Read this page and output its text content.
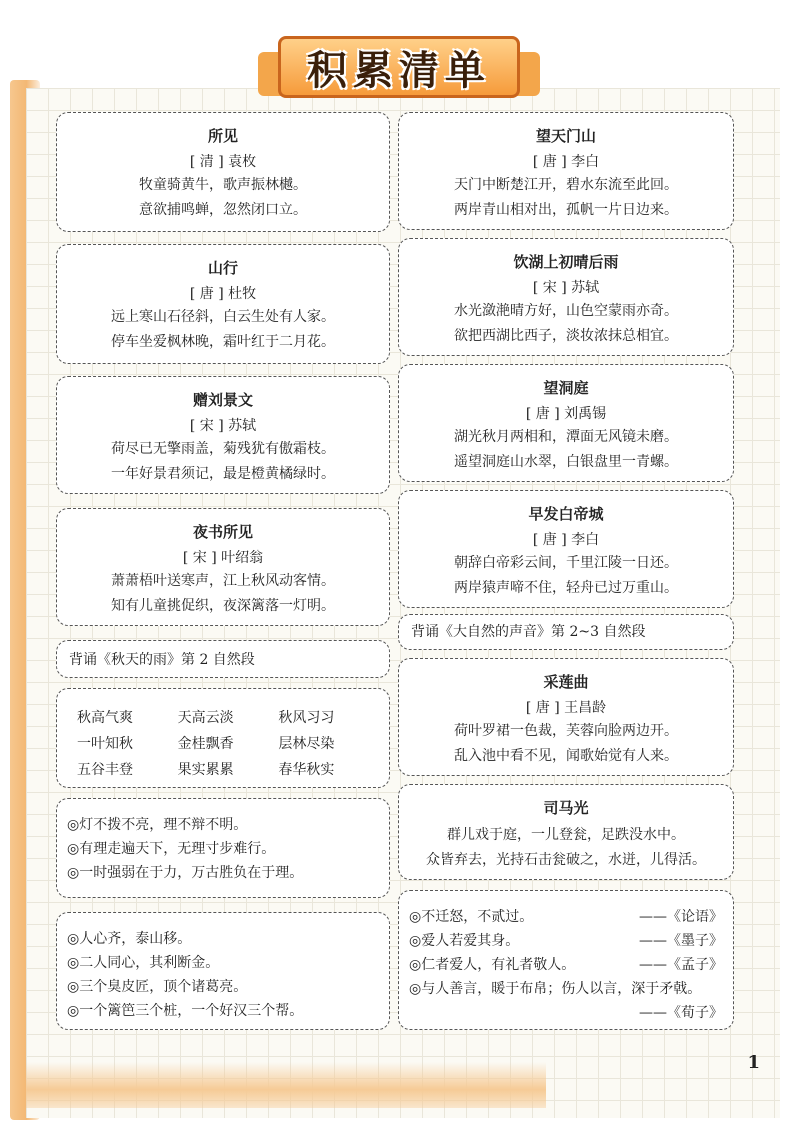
积累清单
所见
[ 清 ] 袁枚
牧童骑黄牛，歌声振林樾。
意欲捕鸣蝉，忽然闭口立。
山行
[ 唐 ] 杜牧
远上寒山石径斜，白云生处有人家。
停车坐爱枫林晚，霜叶红于二月花。
赠刘景文
[ 宋 ] 苏轼
荷尽已无擎雨盖，菊残犹有傲霜枝。
一年好景君须记，最是橙黄橘绿时。
夜书所见
[ 宋 ] 叶绍翁
萧萧梧叶送寒声，江上秋风动客情。
知有儿童挑促织，夜深篱落一灯明。
背诵《秋天的雨》第 2 自然段
秋高气爽	天高云淡	秋风习习
一叶知秋	金桂飘香	层林尽染
五谷丰登	果实累累	春华秋实
◎灯不拨不亮，理不辩不明。
◎有理走遍天下，无理寸步难行。
◎一时强弱在于力，万古胜负在于理。
◎人心齐，泰山移。
◎二人同心，其利断金。
◎三个臭皮匠，顶个诸葛亮。
◎一个篱笆三个桩，一个好汉三个帮。
望天门山
[ 唐 ] 李白
天门中断楚江开，碧水东流至此回。
两岸青山相对出，孤帆一片日边来。
饮湖上初晴后雨
[ 宋 ] 苏轼
水光潋滟晴方好，山色空蒙雨亦奇。
欲把西湖比西子，淡妆浓抹总相宜。
望洞庭
[ 唐 ] 刘禹锡
湖光秋月两相和，潭面无风镜未磨。
遥望洞庭山水翠，白银盘里一青螺。
早发白帝城
[ 唐 ] 李白
朝辞白帝彩云间，千里江陵一日还。
两岸猿声啼不住，轻舟已过万重山。
背诵《大自然的声音》第 2~3 自然段
采莲曲
[ 唐 ] 王昌龄
荷叶罗裙一色裁，芙蓉向脸两边开。
乱入池中看不见，闻歌始觉有人来。
司马光
群儿戏于庭，一儿登瓮，足跌没水中。
众皆弃去，光持石击瓮破之，水迸，儿得活。
◎不迁怒，不贰过。	——《论语》
◎爱人若爱其身。	——《墨子》
◎仁者爱人，有礼者敬人。	——《孟子》
◎与人善言，暖于布帛；伤人以言，深于矛戟。
——《荀子》
1
